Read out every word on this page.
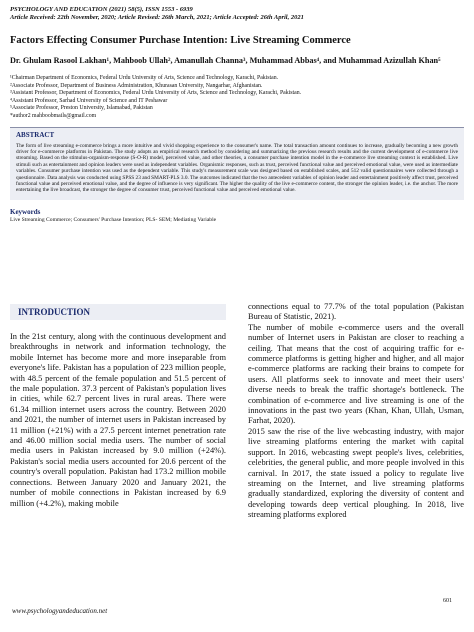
PSYCHOLOGY AND EDUCATION (2021) 58(5), ISSN 1553 - 6939
Article Received: 22th November, 2020; Article Revised: 26th March, 2021; Article Accepted: 26th April, 2021
Factors Effecting Consumer Purchase Intention: Live Streaming Commerce
Dr. Ghulam Rasool Lakhan¹, Mahboob Ullah², Amanullah Channa³, Muhammad Abbas⁴, and Muhammad Azizullah Khan⁵
¹Chairman Department of Economics, Federal Urdu University of Arts, Science and Technology, Karachi, Pakistan.
²Associate Professor, Department of Business Administration, Khurasan University, Nangarhar, Afghanistan.
³Assistant Professor, Department of Economics, Federal Urdu University of Arts, Science and Technology, Karachi, Pakistan.
⁴Assistant Professor, Sarhad University of Science and IT Peshawar
⁵Associate Professor, Preston University, Islamabad, Pakistan
*author2 mahboobmails@gmail.com
ABSTRACT
The form of live streaming e-commerce brings a more intuitive and vivid shopping experience to the consumer's name. The total transaction amount continues to increase, gradually becoming a new growth driver for e-commerce platforms in Pakistan. The study adopts an empirical research method by considering and summarizing the previous research results and the current development of e-commerce live streaming. Based on the stimulus-organism-response (S-O-R) model, perceived value, and other theories, a consumer purchase intention model in the e-commerce live streaming context is established. Live stimuli such as entertainment and opinion leaders were used as independent variables. Organismic responses, such as trust, perceived functional value and perceived emotional value, were used as intermediate variables. Consumer purchase intention was used as the dependent variable. This study's measurement scale was designed based on established scales, and 512 valid questionnaires were collected through a questionnaire. Data analysis was conducted using SPSS 23 and SMART-PLS 3.0. The outcomes indicated that the two antecedent variables of opinion leader and entertainment positively affect trust, perceived functional value and perceived emotional value, and the degree of influence is very significant. The higher the quality of the live e-commerce content, the stronger the opinion leader, i.e. the anchor. The more entertaining the live broadcast, the stronger the degree of consumer trust, perceived functional value and perceived emotional value.
Keywords
Live Streaming Commerce; Consumers' Purchase Intention; PLS- SEM; Mediating Variable
INTRODUCTION
In the 21st century, along with the continuous development and breakthroughs in network and information technology, the mobile Internet has become more and more inseparable from everyone's life. Pakistan has a population of 223 million people, with 48.5 percent of the female population and 51.5 percent of the male population. 37.3 percent of Pakistan's population lives in cities, while 62.7 percent lives in rural areas. There were 61.34 million internet users across the country. Between 2020 and 2021, the number of internet users in Pakistan increased by 11 million (+21%) with a 27.5 percent internet penetration rate and 46.00 million social media users. The number of social media users in Pakistan increased by 9.0 million (+24%). Pakistan's social media users accounted for 20.6 percent of the country's overall population. Pakistan had 173.2 million mobile connections. Between January 2020 and January 2021, the number of mobile connections in Pakistan increased by 6.9 million (+4.2%), making mobile
connections equal to 77.7% of the total population (Pakistan Bureau of Statistic, 2021).
The number of mobile e-commerce users and the overall number of Internet users in Pakistan are closer to reaching a ceiling. That means that the cost of acquiring traffic for e-commerce platforms is getting higher and higher, and all major e-commerce platforms are racking their brains to compete for users. All platforms seek to innovate and meet their users' diverse needs to break the traffic shortage's bottleneck. The combination of e-commerce and live streaming is one of the innovations in the past two years (Khan, Khan, Ullah, Usman, Farhat, 2020).
2015 saw the rise of the live webcasting industry, with major live streaming platforms entering the market with capital support. In 2016, webcasting swept people's lives, celebrities, celebrities, the general public, and more people involved in this carnival. In 2017, the state issued a policy to regulate live streaming on the Internet, and live streaming platforms gradually standardized, exploring the diversity of content and developing towards deep vertical ploughing. In 2018, live streaming platforms explored
601
www.psychologyandeducation.net
